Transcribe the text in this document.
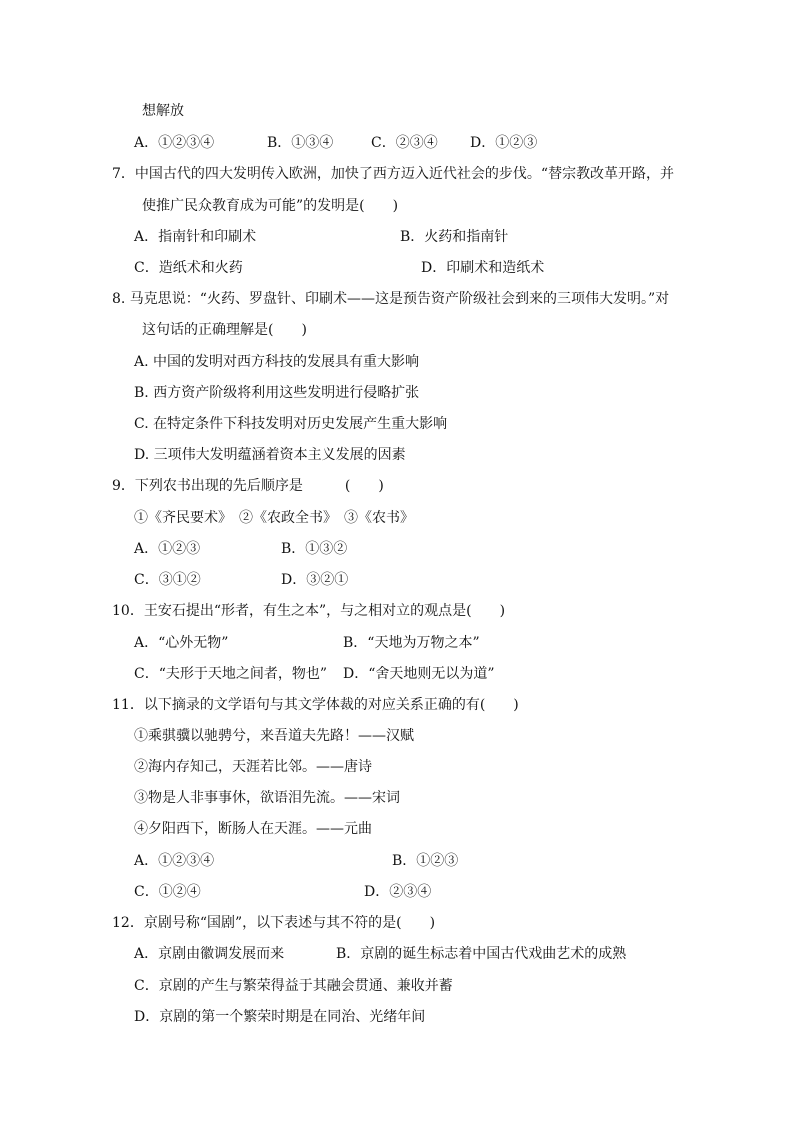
想解放
A．①②③④	B．①③④	C．②③④ D．①②③
7．中国古代的四大发明传入欧洲，加快了西方迈入近代社会的步伐。“替宗教改革开路，并
使推广民众教育成为可能”的发明是(　　)
A．指南针和印刷术	B．火药和指南针
C．造纸术和火药	D．印刷术和造纸术
8. 马克思说：“火药、罗盘针、印刷术——这是预告资产阶级社会到来的三项伟大发明。”对
这句话的正确理解是(　　)
A. 中国的发明对西方科技的发展具有重大影响
B. 西方资产阶级将利用这些发明进行侵略扩张
C. 在特定条件下科技发明对历史发展产生重大影响
D. 三项伟大发明蕴涵着资本主义发展的因素
9．下列农书出现的先后顺序是　　　(　　)
①《齐民要术》　②《农政全书》　③《农书》
A．①②③	B．①③②
C．③①②	D．③②①
10．王安石提出“形者，有生之本”，与之相对立的观点是(　　)
A．“心外无物”	B．“天地为万物之本”
C．“夫形于天地之间者，物也” D．“舍天地则无以为道”
11．以下摘录的文学语句与其文学体裁的对应关系正确的有(　　)
①乘骐骥以驰骋兮，来吾道夫先路！——汉赋
②海内存知己，天涯若比邻。——唐诗
③物是人非事事休，欲语泪先流。——宋词
④夕阳西下，断肠人在天涯。——元曲
A．①②③④	B．①②③
C．①②④	D．②③④
12．京剧号称“国剧”，以下表述与其不符的是(　　)
A．京剧由徽调发展而来	B．京剧的诞生标志着中国古代戏曲艺术的成熟
C．京剧的产生与繁荣得益于其融会贯通、兼收并蓄
D．京剧的第一个繁荣时期是在同治、光绪年间
